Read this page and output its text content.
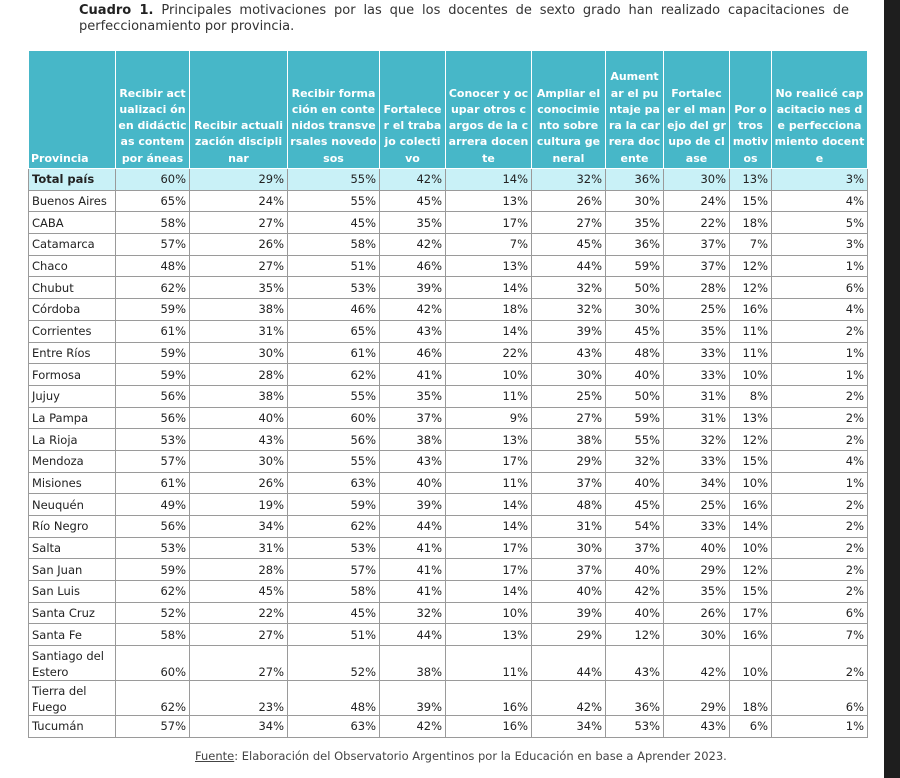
Cuadro 1. Principales motivaciones por las que los docentes de sexto grado han realizado capacitaciones de perfeccionamiento por provincia.
Provincia	Recibir actualizaci ón en didácticas contempor áneas	Recibir actualización disciplinar	Recibir formación en contenidos transversales novedosos	Fortalecer el trabajo colectivo	Conocer y ocupar otros cargos de la carrera docente	Ampliar el conocimie nto sobre cultura general	Aument ar el puntaje para la carrera docente	Fortalec er el manejo del grupo de clase	Por otros motivos	No realicé capacitacio nes de perfecciona miento docente
Total país	60%	29%	55%	42%	14%	32%	36%	30%	13%	3%
Buenos Aires	65%	24%	55%	45%	13%	26%	30%	24%	15%	4%
CABA	58%	27%	45%	35%	17%	27%	35%	22%	18%	5%
Catamarca	57%	26%	58%	42%	7%	45%	36%	37%	7%	3%
Chaco	48%	27%	51%	46%	13%	44%	59%	37%	12%	1%
Chubut	62%	35%	53%	39%	14%	32%	50%	28%	12%	6%
Córdoba	59%	38%	46%	42%	18%	32%	30%	25%	16%	4%
Corrientes	61%	31%	65%	43%	14%	39%	45%	35%	11%	2%
Entre Ríos	59%	30%	61%	46%	22%	43%	48%	33%	11%	1%
Formosa	59%	28%	62%	41%	10%	30%	40%	33%	10%	1%
Jujuy	56%	38%	55%	35%	11%	25%	50%	31%	8%	2%
La Pampa	56%	40%	60%	37%	9%	27%	59%	31%	13%	2%
La Rioja	53%	43%	56%	38%	13%	38%	55%	32%	12%	2%
Mendoza	57%	30%	55%	43%	17%	29%	32%	33%	15%	4%
Misiones	61%	26%	63%	40%	11%	37%	40%	34%	10%	1%
Neuquén	49%	19%	59%	39%	14%	48%	45%	25%	16%	2%
Río Negro	56%	34%	62%	44%	14%	31%	54%	33%	14%	2%
Salta	53%	31%	53%	41%	17%	30%	37%	40%	10%	2%
San Juan	59%	28%	57%	41%	17%	37%	40%	29%	12%	2%
San Luis	62%	45%	58%	41%	14%	40%	42%	35%	15%	2%
Santa Cruz	52%	22%	45%	32%	10%	39%	40%	26%	17%	6%
Santa Fe	58%	27%	51%	44%	13%	29%	12%	30%	16%	7%
Santiago del Estero	60%	27%	52%	38%	11%	44%	43%	42%	10%	2%
Tierra del Fuego	62%	23%	48%	39%	16%	42%	36%	29%	18%	6%
Tucumán	57%	34%	63%	42%	16%	34%	53%	43%	6%	1%
Fuente: Elaboración del Observatorio Argentinos por la Educación en base a Aprender 2023.
